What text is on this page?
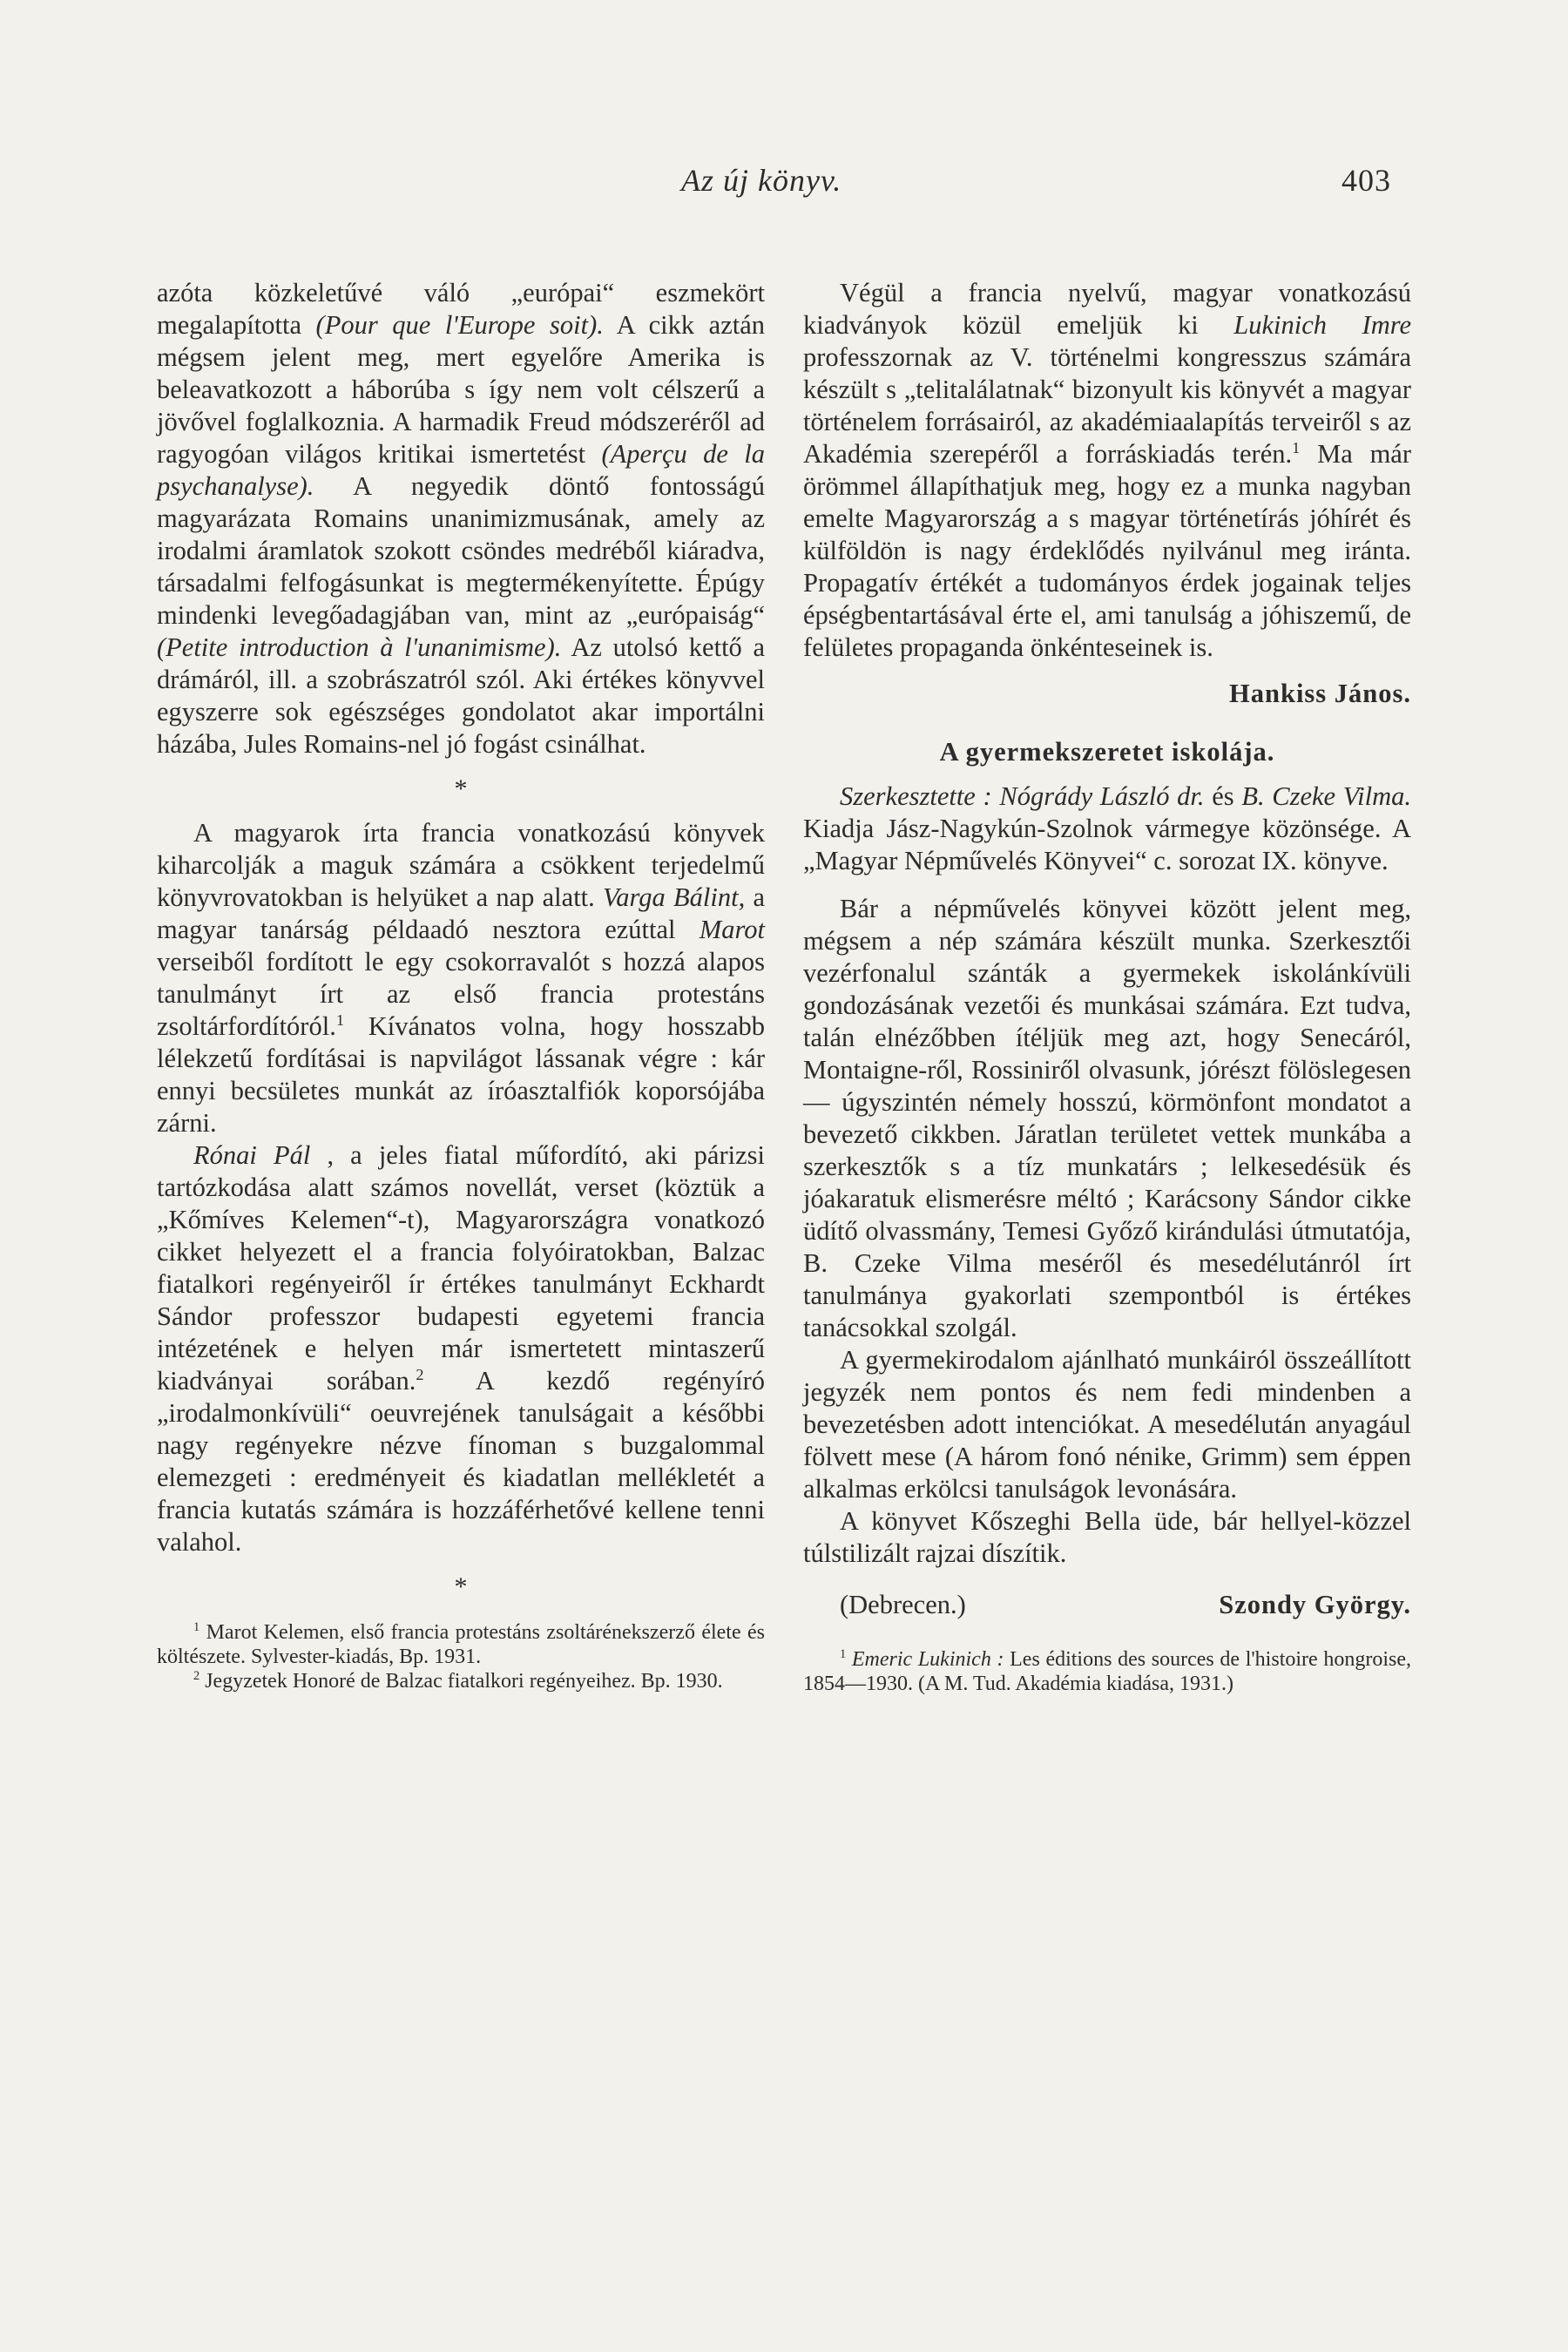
Az új könyv.	403

azóta közkeletűvé váló „európai“ eszmekört megalapította (Pour que l'Europe soit). A cikk aztán mégsem jelent meg, mert egyelőre Amerika is beleavatkozott a háborúba s így nem volt célszerű a jövővel foglalkoznia. A harmadik Freud módszeréről ad ragyogóan világos kritikai ismertetést (Aperçu de la psychanalyse). A negyedik döntő fontosságú magyarázata Romains unanimizmusának, amely az irodalmi áramlatok szokott csöndes medréből kiáradva, társadalmi felfogásunkat is megtermékenyítette. Épúgy mindenki levegőadagjában van, mint az „európaiság“ (Petite introduction à l'unanimisme). Az utolsó kettő a drámáról, ill. a szobrászatról szól. Aki értékes könyvvel egyszerre sok egészséges gondolatot akar importálni házába, Jules Romains-nel jó fogást csinálhat.

*

A magyarok írta francia vonatkozású könyvek kiharcolják a maguk számára a csökkent terjedelmű könyvrovatokban is helyüket a nap alatt. Varga Bálint, a magyar tanárság példaadó nesztora ezúttal Marot verseiből fordított le egy csokorravalót s hozzá alapos tanulmányt írt az első francia protestáns zsoltárfordítóról.$^1$ Kívánatos volna, hogy hosszabb lélekzetű fordításai is napvilágot lássanak végre : kár ennyi becsületes munkát az íróasztalfiók koporsójába zárni.

Rónai Pál , a jeles fiatal műfordító, aki párizsi tartózkodása alatt számos novellát, verset (köztük a „Kőmíves Kelemen“-t), Magyarországra vonatkozó cikket helyezett el a francia folyóiratokban, Balzac fiatalkori regényeiről ír értékes tanulmányt Eckhardt Sándor professzor budapesti egyetemi francia intézetének e helyen már ismertetett mintaszerű kiadványai sorában.$^2$ A kezdő regényíró „irodalmonkívüli“ oeuvrejének tanulságait a későbbi nagy regényekre nézve fínoman s buzgalommal elemezgeti : eredményeit és kiadatlan mellékletét a francia kutatás számára is hozzáférhetővé kellene tenni valahol.

*

$^1$ Marot Kelemen, első francia protestáns zsoltárénekszerző élete és költészete. Sylvester-kiadás, Bp. 1931.

$^2$ Jegyzetek Honoré de Balzac fiatalkori regényeihez. Bp. 1930.

Végül a francia nyelvű, magyar vonatkozású kiadványok közül emeljük ki Lukinich Imre professzornak az V. történelmi kongresszus számára készült s „telitalálatnak“ bizonyult kis könyvét a magyar történelem forrásairól, az akadémiaalapítás terveiről s az Akadémia szerepéről a forráskiadás terén.$^1$ Ma már örömmel állapíthatjuk meg, hogy ez a munka nagyban emelte Magyarország a s magyar történetírás jóhírét és külföldön is nagy érdeklődés nyilvánul meg iránta. Propagatív értékét a tudományos érdek jogainak teljes épségbentartásával érte el, ami tanulság a jóhiszemű, de felületes propaganda önkénteseinek is.

Hankiss János.
A gyermekszeretet iskolája.

Szerkesztette : Nógrády László dr. és B. Czeke Vilma. Kiadja Jász-Nagykún-Szolnok vármegye közönsége. A „Magyar Népművelés Könyvei“ c. sorozat IX. könyve.

Bár a népművelés könyvei között jelent meg, mégsem a nép számára készült munka. Szerkesztői vezérfonalul szánták a gyermekek iskolánkívüli gondozásának vezetői és munkásai számára. Ezt tudva, talán elnézőbben ítéljük meg azt, hogy Senecáról, Montaigne-ről, Rossiniről olvasunk, jórészt fölöslegesen — úgyszintén némely hosszú, körmönfont mondatot a bevezető cikkben. Járatlan területet vettek munkába a szerkesztők s a tíz munkatárs ; lelkesedésük és jóakaratuk elismerésre méltó ; Karácsony Sándor cikke üdítő olvassmány, Temesi Győző kirándulási útmutatója, B. Czeke Vilma meséről és mesedélutánról írt tanulmánya gyakorlati szempontból is értékes tanácsokkal szolgál.

A gyermekirodalom ajánlható munkáiról összeállított jegyzék nem pontos és nem fedi mindenben a bevezetésben adott intenciókat. A mesedélután anyagául fölvett mese (A három fonó nénike, Grimm) sem éppen alkalmas erkölcsi tanulságok levonására.

A könyvet Kőszeghi Bella üde, bár hellyel-közzel túlstilizált rajzai díszítik.

(Debrecen.)	Szondy György.

$^1$ Emeric Lukinich : Les éditions des sources de l'histoire hongroise, 1854—1930. (A M. Tud. Akadémia kiadása, 1931.)
